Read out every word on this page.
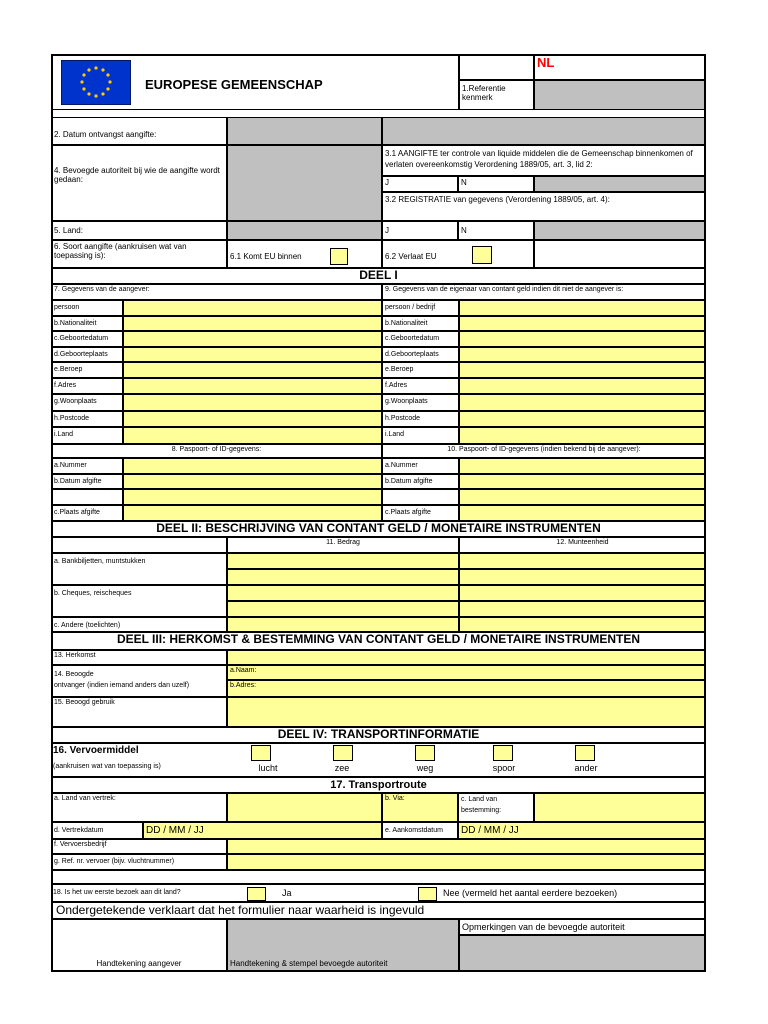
EUROPESE GEMEENSCHAP
NL
1.Referentie kenmerk
2. Datum ontvangst aangifte:
4. Bevoegde autoriteit bij wie de aangifte wordt gedaan:
5. Land:
3.1 AANGIFTE ter controle van liquide middelen die de Gemeenschap binnenkomen of verlaten overeenkomstig Verordening 1889/05, art. 3, lid 2:
J	N
3.2 REGISTRATIE van gegevens (Verordening 1889/05, art. 4):
J	N
6. Soort aangifte (aankruisen wat van toepassing is):	6.1 Komt EU binnen	6.2 Verlaat EU
DEEL I
7. Gegevens van de aangever:	9. Gegevens van de eigenaar van contant geld indien dit niet de aangever is:
persoon	persoon / bedrijf
b.Nationaliteit	b.Nationaliteit
c.Geboortedatum	c.Geboortedatum
d.Geboorteplaats	d.Geboorteplaats
e.Beroep	e.Beroep
f.Adres	f.Adres
g.Woonplaats	g.Woonplaats
h.Postcode	h.Postcode
i.Land	i.Land
8. Paspoort- of ID-gegevens:	10. Paspoort- of ID-gegevens (indien bekend bij de aangever):
a.Nummer	a.Nummer
b.Datum afgifte	b.Datum afgifte
c.Plaats afgifte	c.Plaats afgifte
DEEL II: BESCHRIJVING VAN CONTANT GELD / MONETAIRE INSTRUMENTEN
11. Bedrag	12. Munteenheid
a. Bankbiljetten, muntstukken
b. Cheques, reischeques
c. Andere (toelichten)
DEEL III: HERKOMST & BESTEMMING VAN CONTANT GELD / MONETAIRE INSTRUMENTEN
13. Herkomst
14. Beoogde
ontvanger (indien iemand anders dan uzelf)
a.Naam:
b.Adres:
15. Beoogd gebruik
DEEL IV: TRANSPORTINFORMATIE
16. Vervoermiddel
(aankruisen wat van toepassing is)	lucht	zee	weg	spoor	ander
17. Transportroute
a. Land van vertrek:	b. Via:	c. Land van bestemming:
d. Vertrekdatum	DD / MM / JJ	e. Aankomstdatum	DD / MM / JJ
f. Vervoersbedrijf
g. Ref. nr. vervoer (bijv. vluchtnummer)
18. Is het uw eerste bezoek aan dit land?	Ja	Nee (vermeld het aantal eerdere bezoeken)
Ondergetekende verklaart dat het formulier naar waarheid is ingevuld
Handtekening aangever	Handtekening & stempel bevoegde autoriteit
Opmerkingen van de bevoegde autoriteit
